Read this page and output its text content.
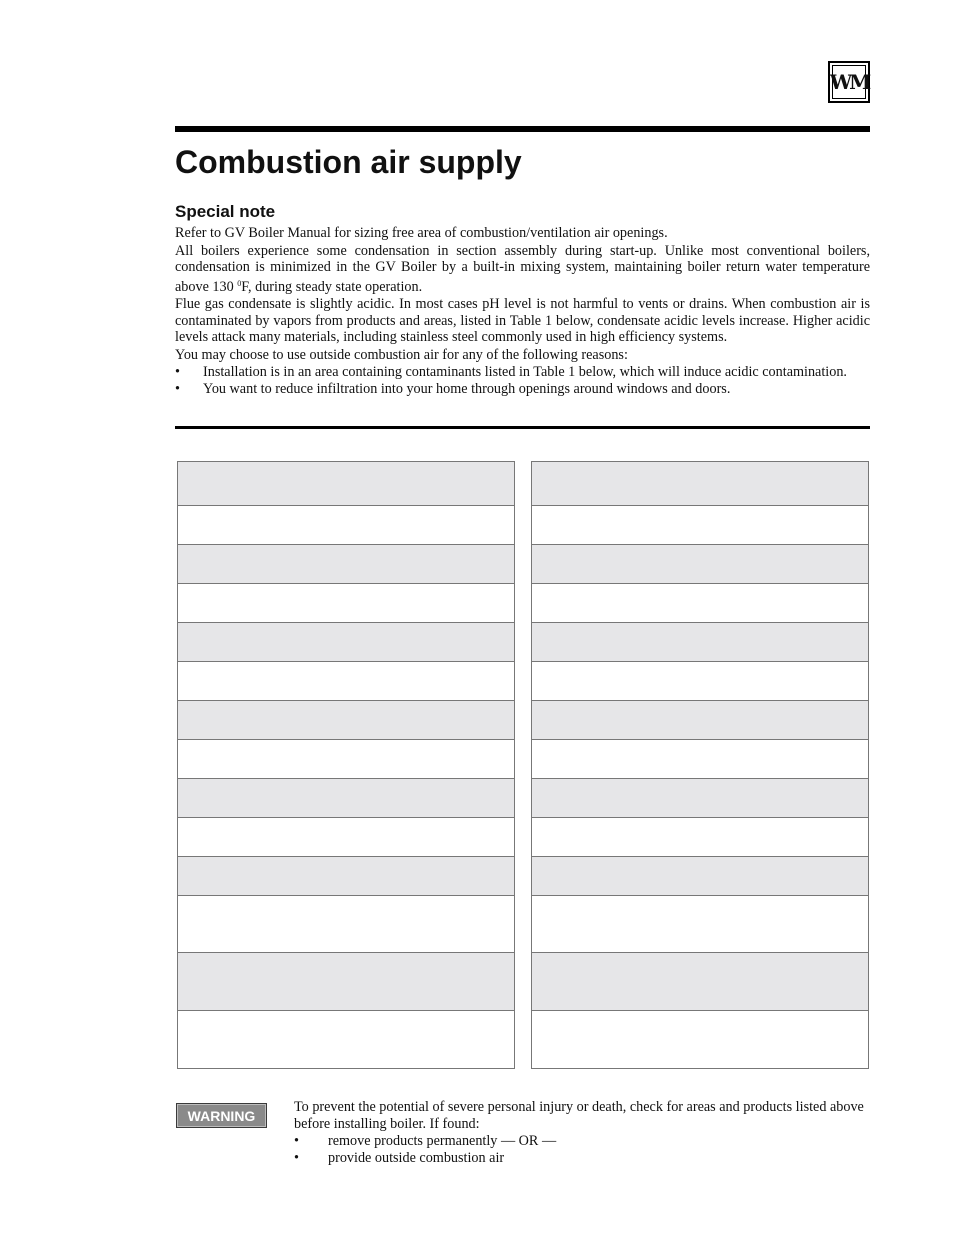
WM
Combustion air supply
Special note

Refer to GV Boiler Manual for sizing free area of combustion/ventilation air openings.

All boilers experience some condensation in section assembly during start-up. Unlike most conventional boilers, condensation is minimized in the GV Boiler by a built-in mixing system, maintaining boiler return water temperature above 130 $^0$F, during steady state operation.

Flue gas condensate is slightly acidic. In most cases pH level is not harmful to vents or drains. When combustion air is contaminated by vapors from products and areas, listed in Table 1 below, condensate acidic levels increase. Higher acidic levels attack many materials, including stainless steel commonly used in high efficiency systems.

You may choose to use outside combustion air for any of the following reasons:

•	Installation is in an area containing contaminants listed in Table 1 below, which will induce acidic contamination.
•	You want to reduce infiltration into your home through openings around windows and doors.
WARNING

To prevent the potential of severe personal injury or death, check for areas and products listed above before installing boiler. If found:

•	remove products permanently — OR —
•	provide outside combustion air
